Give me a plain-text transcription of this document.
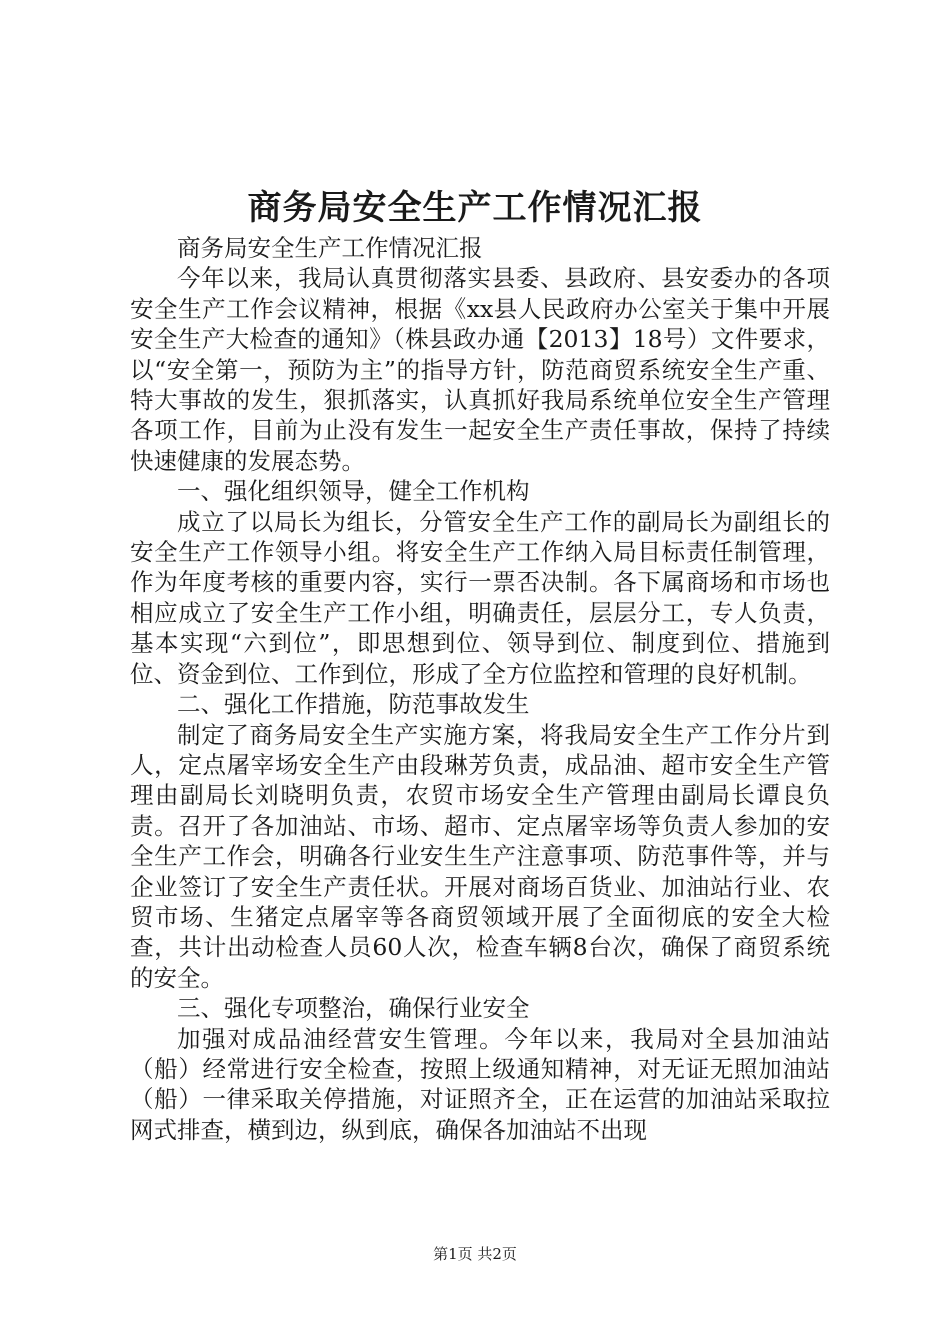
商务局安全生产工作情况汇报

商务局安全生产工作情况汇报

今年以来，我局认真贯彻落实县委、县政府、县安委办的各项安全生产工作会议精神，根据《xx县人民政府办公室关于集中开展安全生产大检查的通知》（株县政办通【2013】18号）文件要求，以“安全第一，预防为主”的指导方针，防范商贸系统安全生产重、特大事故的发生，狠抓落实，认真抓好我局系统单位安全生产管理各项工作，目前为止没有发生一起安全生产责任事故，保持了持续快速健康的发展态势。

一、强化组织领导，健全工作机构

成立了以局长为组长，分管安全生产工作的副局长为副组长的安全生产工作领导小组。将安全生产工作纳入局目标责任制管理，作为年度考核的重要内容，实行一票否决制。各下属商场和市场也相应成立了安全生产工作小组，明确责任，层层分工，专人负责，基本实现“六到位”，即思想到位、领导到位、制度到位、措施到位、资金到位、工作到位，形成了全方位监控和管理的良好机制。

二、强化工作措施，防范事故发生

制定了商务局安全生产实施方案，将我局安全生产工作分片到人，定点屠宰场安全生产由段琳芳负责，成品油、超市安全生产管理由副局长刘晓明负责，农贸市场安全生产管理由副局长谭良负责。召开了各加油站、市场、超市、定点屠宰场等负责人参加的安全生产工作会，明确各行业安生生产注意事项、防范事件等，并与企业签订了安全生产责任状。开展对商场百货业、加油站行业、农贸市场、生猪定点屠宰等各商贸领域开展了全面彻底的安全大检查，共计出动检查人员60人次，检查车辆8台次，确保了商贸系统的安全。

三、强化专项整治，确保行业安全

加强对成品油经营安生管理。今年以来，我局对全县加油站（船）经常进行安全检查，按照上级通知精神，对无证无照加油站（船）一律采取关停措施，对证照齐全，正在运营的加油站采取拉网式排查，横到边，纵到底，确保各加油站不出现

第1页 共2页
